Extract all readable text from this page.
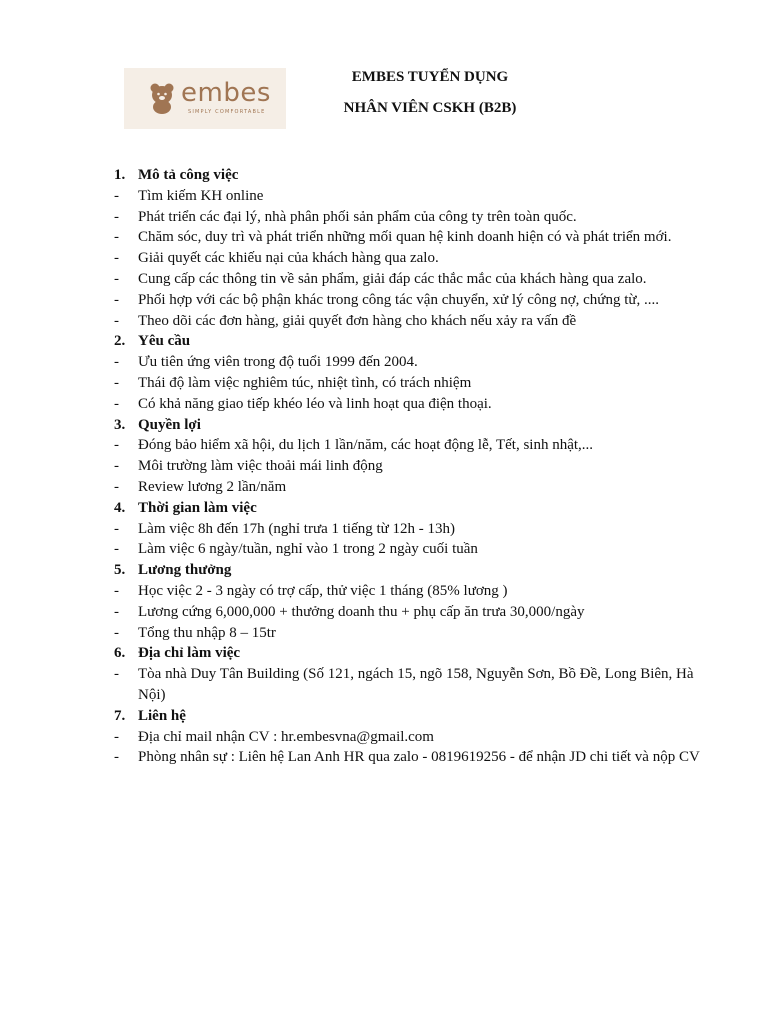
embes
SIMPLY COMFORTABLE
EMBES TUYỂN DỤNG
NHÂN VIÊN CSKH (B2B)
1. Mô tả công việc
-	Tìm kiếm KH online
-	Phát triển các đại lý, nhà phân phối sản phẩm của công ty trên toàn quốc.
-	Chăm sóc, duy trì và phát triển những mối quan hệ kinh doanh hiện có và phát triển mới.
-	Giải quyết các khiếu nại của khách hàng qua zalo.
-	Cung cấp các thông tin về sản phẩm, giải đáp các thắc mắc của khách hàng qua zalo.
-	Phối hợp với các bộ phận khác trong công tác vận chuyển, xử lý công nợ, chứng từ, ....
-	Theo dõi các đơn hàng, giải quyết đơn hàng cho khách nếu xảy ra vấn đề
2. Yêu cầu
-	Ưu tiên ứng viên trong độ tuổi 1999 đến 2004.
-	Thái độ làm việc nghiêm túc, nhiệt tình, có trách nhiệm
-	Có khả năng giao tiếp khéo léo và linh hoạt qua điện thoại.
3. Quyền lợi
-	Đóng bảo hiểm xã hội, du lịch 1 lần/năm, các hoạt động lễ, Tết, sinh nhật,...
-	Môi trường làm việc thoải mái linh động
-	Review lương 2 lần/năm
4. Thời gian làm việc
-	Làm việc 8h đến 17h (nghỉ trưa 1 tiếng từ 12h - 13h)
-	Làm việc 6 ngày/tuần, nghỉ vào 1 trong 2 ngày cuối tuần
5. Lương thưởng
-	Học việc 2 - 3 ngày có trợ cấp, thử việc 1 tháng (85% lương )
-	Lương cứng 6,000,000 + thưởng doanh thu + phụ cấp ăn trưa 30,000/ngày
-	Tổng thu nhập 8 – 15tr
6. Địa chỉ làm việc
-	Tòa nhà Duy Tân Building (Số 121, ngách 15, ngõ 158, Nguyễn Sơn, Bồ Đề, Long Biên, Hà Nội)
7. Liên hệ
-	Địa chỉ mail nhận CV : hr.embesvna@gmail.com
-	Phòng nhân sự : Liên hệ Lan Anh HR qua zalo - 0819619256 - để nhận JD chi tiết và nộp CV
